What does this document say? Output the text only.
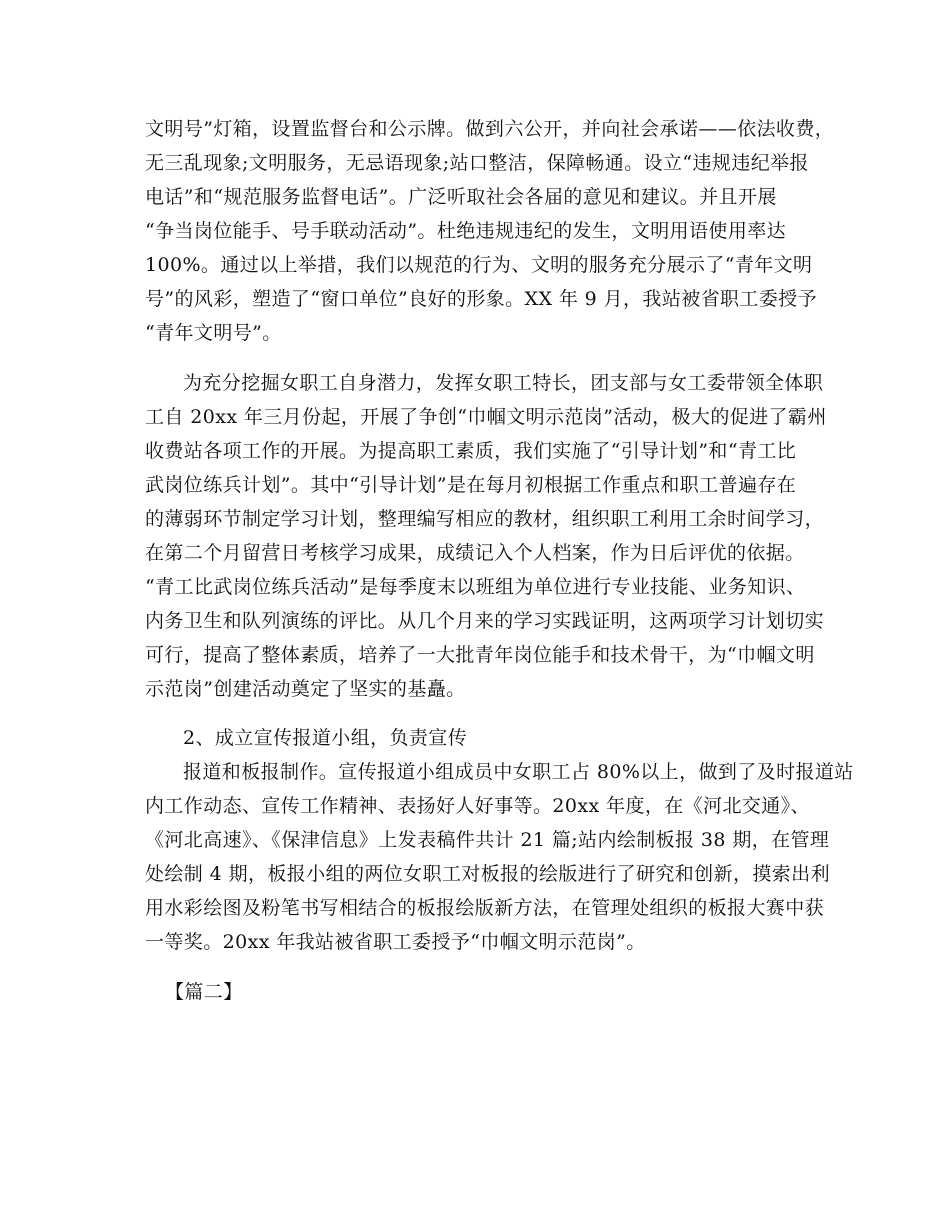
文明号”灯箱，设置监督台和公示牌。做到六公开，并向社会承诺——依法收费，
无三乱现象;文明服务，无忌语现象;站口整洁，保障畅通。设立“违规违纪举报
电话”和“规范服务监督电话”。广泛听取社会各届的意见和建议。并且开展
“争当岗位能手、号手联动活动”。杜绝违规违纪的发生，文明用语使用率达
100%。通过以上举措，我们以规范的行为、文明的服务充分展示了“青年文明
号”的风彩，塑造了“窗口单位”良好的形象。XX 年 9 月，我站被省职工委授予
“青年文明号”。
为充分挖掘女职工自身潜力，发挥女职工特长，团支部与女工委带领全体职
工自 20xx 年三月份起，开展了争创“巾帼文明示范岗”活动，极大的促进了霸州
收费站各项工作的开展。为提高职工素质，我们实施了“引导计划”和“青工比
武岗位练兵计划”。其中“引导计划”是在每月初根据工作重点和职工普遍存在
的薄弱环节制定学习计划，整理编写相应的教材，组织职工利用工余时间学习，
在第二个月留营日考核学习成果，成绩记入个人档案，作为日后评优的依据。
“青工比武岗位练兵活动”是每季度末以班组为单位进行专业技能、业务知识、
内务卫生和队列演练的评比。从几个月来的学习实践证明，这两项学习计划切实
可行，提高了整体素质，培养了一大批青年岗位能手和技术骨干，为“巾帼文明
示范岗”创建活动奠定了坚实的基矗。
2、成立宣传报道小组，负责宣传
报道和板报制作。宣传报道小组成员中女职工占 80%以上，做到了及时报道站
内工作动态、宣传工作精神、表扬好人好事等。20xx 年度，在《河北交通》、
《河北高速》、《保津信息》上发表稿件共计 21 篇;站内绘制板报 38 期，在管理
处绘制 4 期，板报小组的两位女职工对板报的绘版进行了研究和创新，摸索出利
用水彩绘图及粉笔书写相结合的板报绘版新方法，在管理处组织的板报大赛中获
一等奖。20xx 年我站被省职工委授予“巾帼文明示范岗”。
【篇二】
